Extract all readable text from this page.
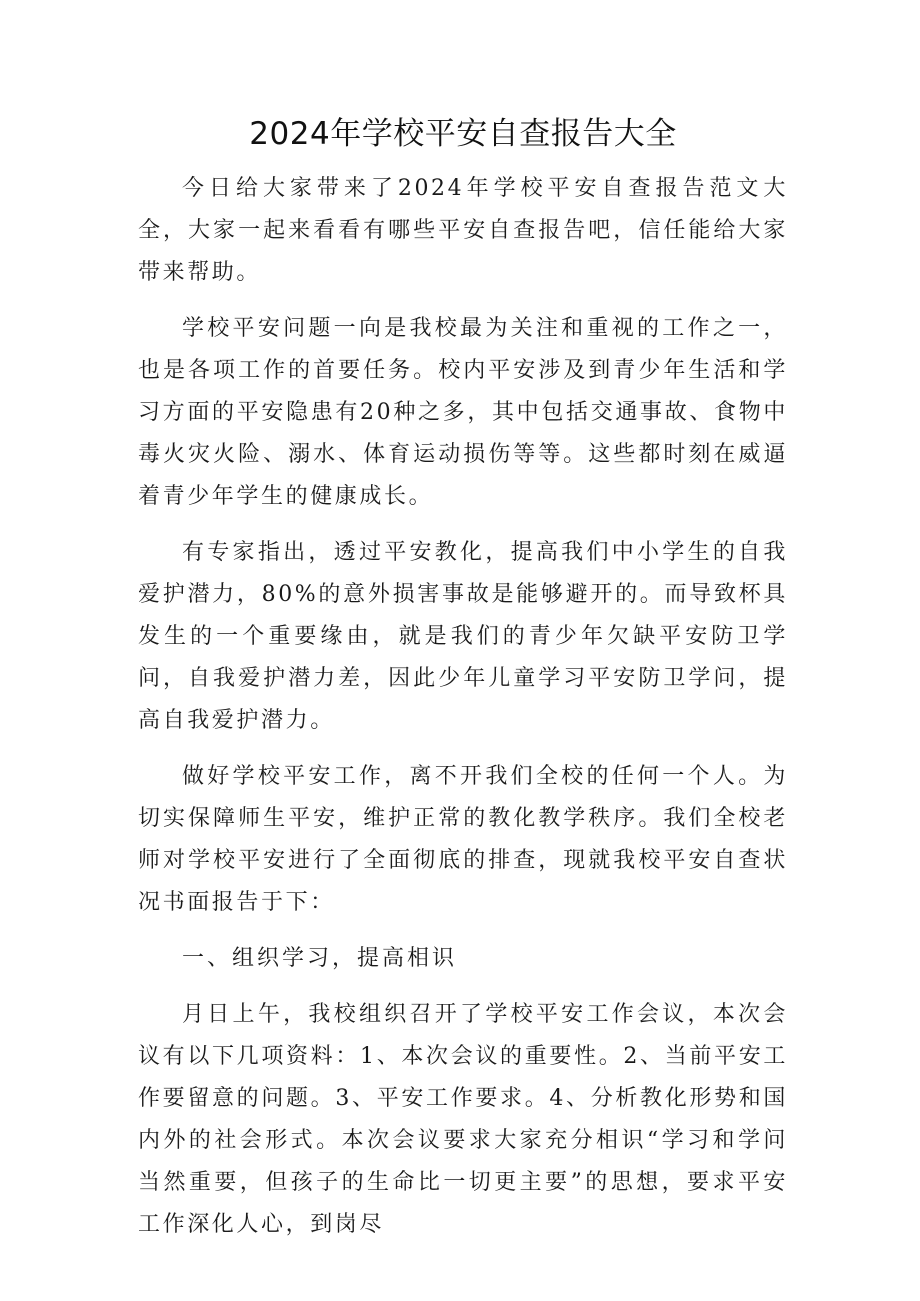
2024年学校平安自查报告大全

今日给大家带来了2024年学校平安自查报告范文大全，大家一起来看看有哪些平安自查报告吧，信任能给大家带来帮助。

学校平安问题一向是我校最为关注和重视的工作之一，也是各项工作的首要任务。校内平安涉及到青少年生活和学习方面的平安隐患有20种之多，其中包括交通事故、食物中毒火灾火险、溺水、体育运动损伤等等。这些都时刻在威逼着青少年学生的健康成长。

有专家指出，透过平安教化，提高我们中小学生的自我爱护潜力，80%的意外损害事故是能够避开的。而导致杯具发生的一个重要缘由，就是我们的青少年欠缺平安防卫学问，自我爱护潜力差，因此少年儿童学习平安防卫学问，提高自我爱护潜力。

做好学校平安工作，离不开我们全校的任何一个人。为切实保障师生平安，维护正常的教化教学秩序。我们全校老师对学校平安进行了全面彻底的排查，现就我校平安自查状况书面报告于下：

一、组织学习，提高相识

月日上午，我校组织召开了学校平安工作会议，本次会议有以下几项资料：1、本次会议的重要性。2、当前平安工作要留意的问题。3、平安工作要求。4、分析教化形势和国内外的社会形式。本次会议要求大家充分相识“学习和学问当然重要，但孩子的生命比一切更主要”的思想，要求平安工作深化人心，到岗尽
